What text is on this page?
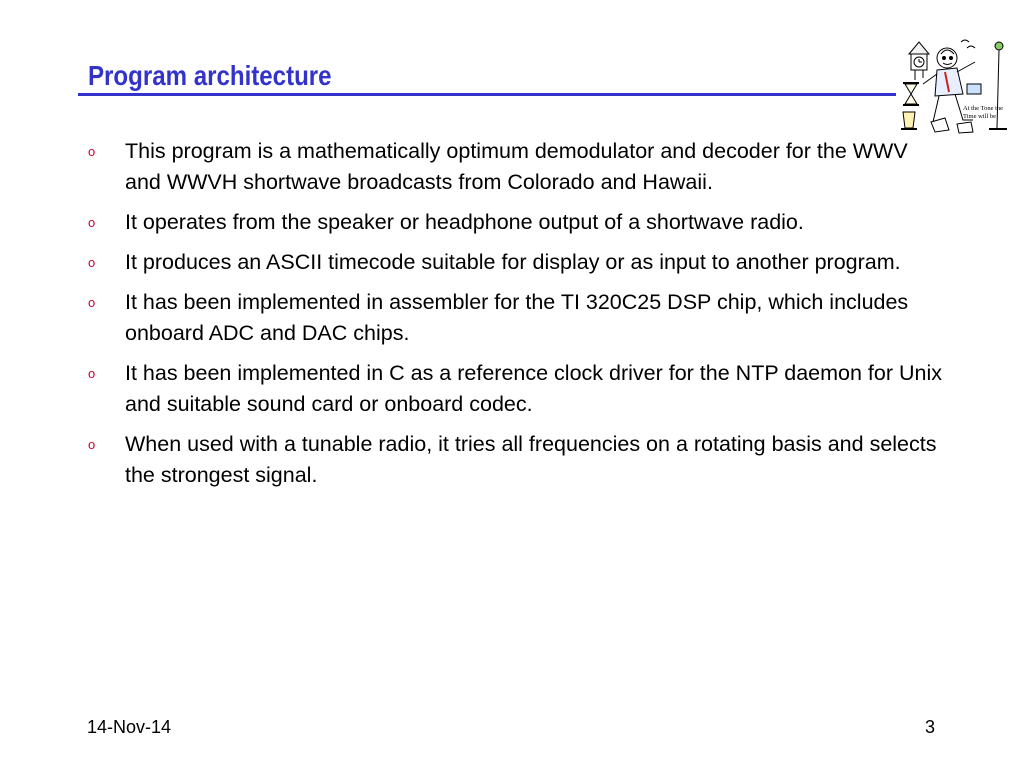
Program architecture
At the Tone the
Time will be
o This program is a mathematically optimum demodulator and decoder for the WWV and WWVH shortwave broadcasts from Colorado and Hawaii.
o It operates from the speaker or headphone output of a shortwave radio.
o It produces an ASCII timecode suitable for display or as input to another program.
o It has been implemented in assembler for the TI 320C25 DSP chip, which includes onboard ADC and DAC chips.
o It has been implemented in C as a reference clock driver for the NTP daemon for Unix and suitable sound card or onboard codec.
o When used with a tunable radio, it tries all frequencies on a rotating basis and selects the strongest signal.
14-Nov-14	3
